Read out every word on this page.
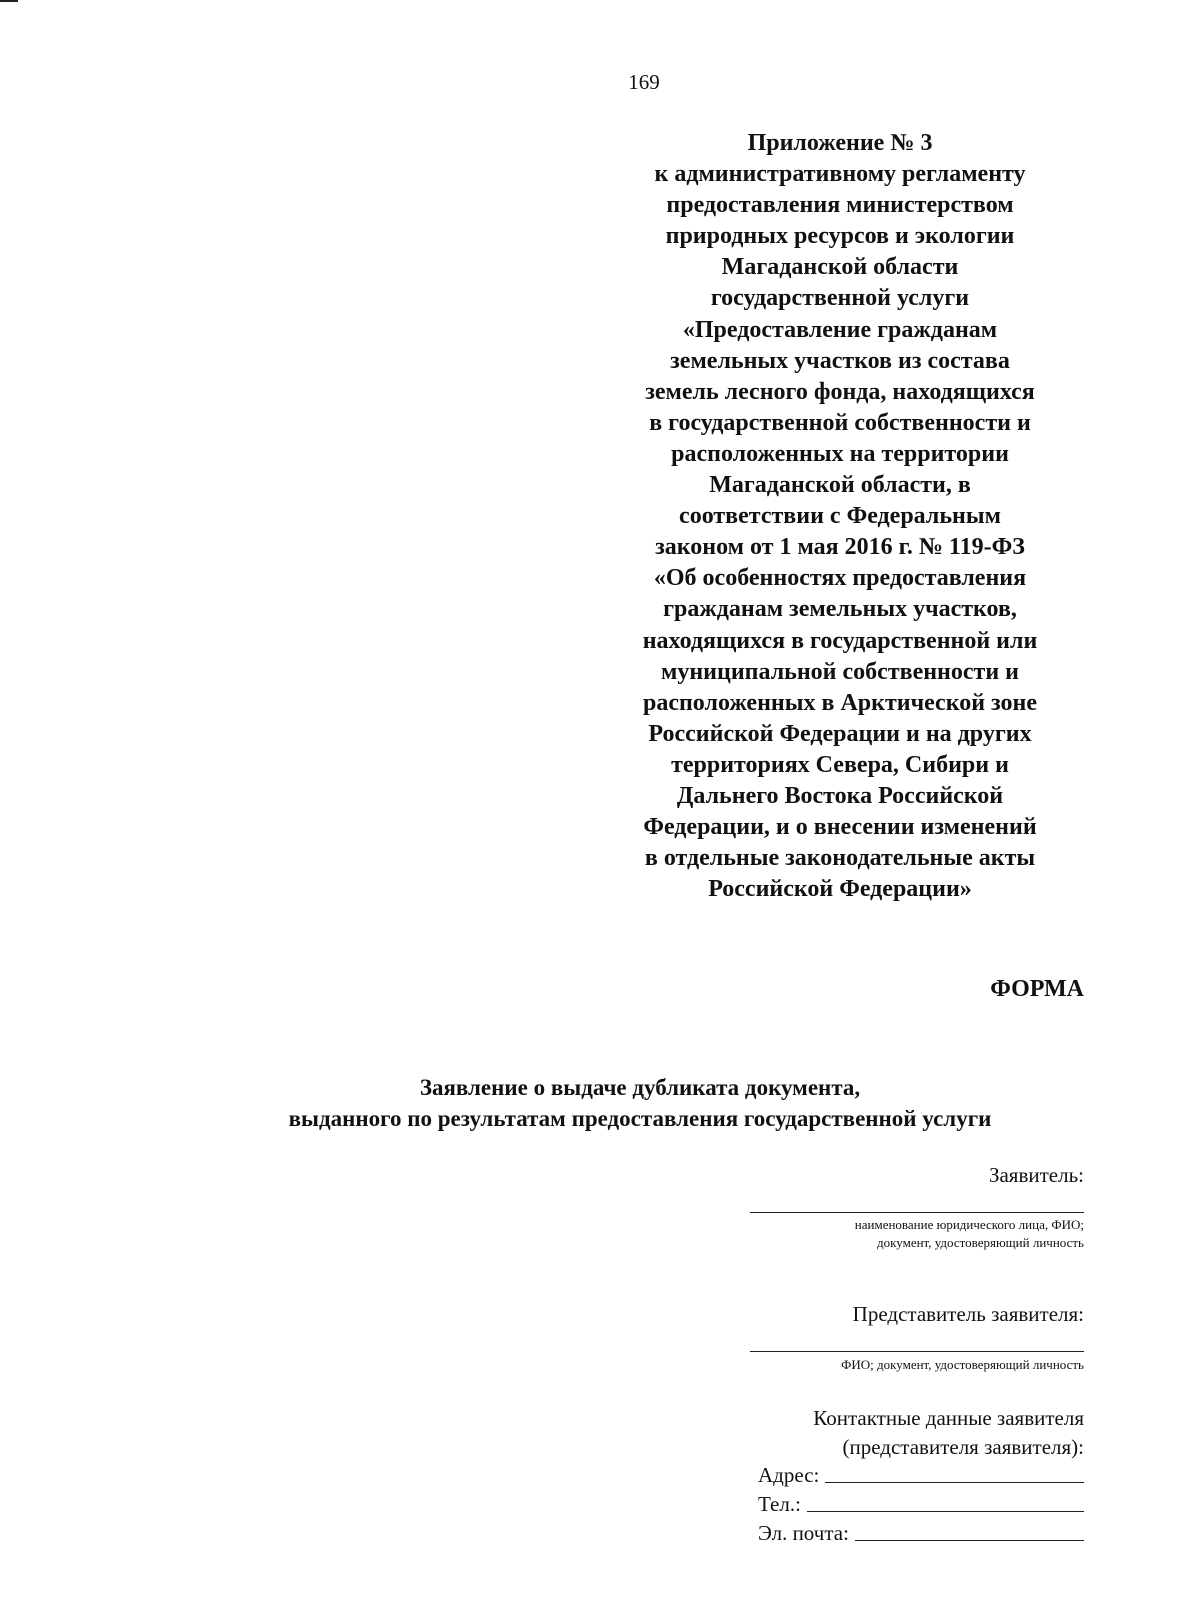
169
Приложение № 3
к административному регламенту
предоставления министерством
природных ресурсов и экологии
Магаданской области
государственной услуги
«Предоставление гражданам
земельных участков из состава
земель лесного фонда, находящихся
в государственной собственности и
расположенных на территории
Магаданской области, в
соответствии с Федеральным
законом от 1 мая 2016 г. № 119-ФЗ
«Об особенностях предоставления
гражданам земельных участков,
находящихся в государственной или
муниципальной собственности и
расположенных в Арктической зоне
Российской Федерации и на других
территориях Севера, Сибири и
Дальнего Востока Российской
Федерации, и о внесении изменений
в отдельные законодательные акты
Российской Федерации»
ФОРМА
Заявление о выдаче дубликата документа,
выданного по результатам предоставления государственной услуги
Заявитель:
наименование юридического лица, ФИО;
документ, удостоверяющий личность
Представитель заявителя:
ФИО; документ, удостоверяющий личность
Контактные данные заявителя
(представителя заявителя):
Адрес:
Тел.:
Эл. почта:
